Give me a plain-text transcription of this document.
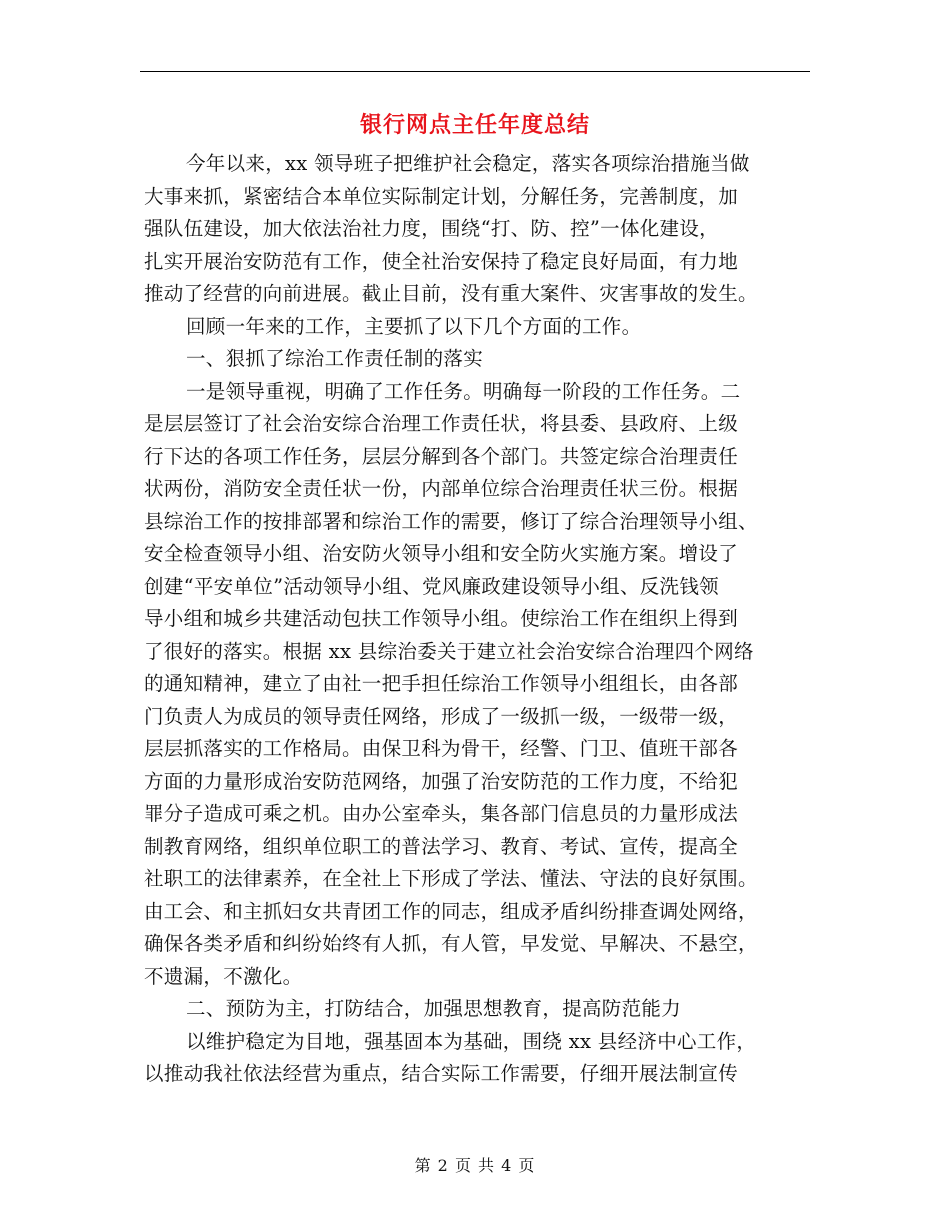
银行网点主任年度总结
今年以来，xx 领导班子把维护社会稳定，落实各项综治措施当做
大事来抓，紧密结合本单位实际制定计划，分解任务，完善制度，加
强队伍建设，加大依法治社力度，围绕“打、防、控”一体化建设，
扎实开展治安防范有工作，使全社治安保持了稳定良好局面，有力地
推动了经营的向前进展。截止目前，没有重大案件、灾害事故的发生。
回顾一年来的工作，主要抓了以下几个方面的工作。
一、狠抓了综治工作责任制的落实
一是领导重视，明确了工作任务。明确每一阶段的工作任务。二
是层层签订了社会治安综合治理工作责任状，将县委、县政府、上级
行下达的各项工作任务，层层分解到各个部门。共签定综合治理责任
状两份，消防安全责任状一份，内部单位综合治理责任状三份。根据
县综治工作的按排部署和综治工作的需要，修订了综合治理领导小组、
安全检查领导小组、治安防火领导小组和安全防火实施方案。增设了
创建“平安单位”活动领导小组、党风廉政建设领导小组、反洗钱领
导小组和城乡共建活动包扶工作领导小组。使综治工作在组织上得到
了很好的落实。根据 xx 县综治委关于建立社会治安综合治理四个网络
的通知精神，建立了由社一把手担任综治工作领导小组组长，由各部
门负责人为成员的领导责任网络，形成了一级抓一级，一级带一级，
层层抓落实的工作格局。由保卫科为骨干，经警、门卫、值班干部各
方面的力量形成治安防范网络，加强了治安防范的工作力度，不给犯
罪分子造成可乘之机。由办公室牵头，集各部门信息员的力量形成法
制教育网络，组织单位职工的普法学习、教育、考试、宣传，提高全
社职工的法律素养，在全社上下形成了学法、懂法、守法的良好氛围。
由工会、和主抓妇女共青团工作的同志，组成矛盾纠纷排查调处网络，
确保各类矛盾和纠纷始终有人抓，有人管，早发觉、早解决、不悬空，
不遗漏，不激化。
二、预防为主，打防结合，加强思想教育，提高防范能力
以维护稳定为目地，强基固本为基础，围绕 xx 县经济中心工作，
以推动我社依法经营为重点，结合实际工作需要，仔细开展法制宣传
第 2 页 共 4 页
